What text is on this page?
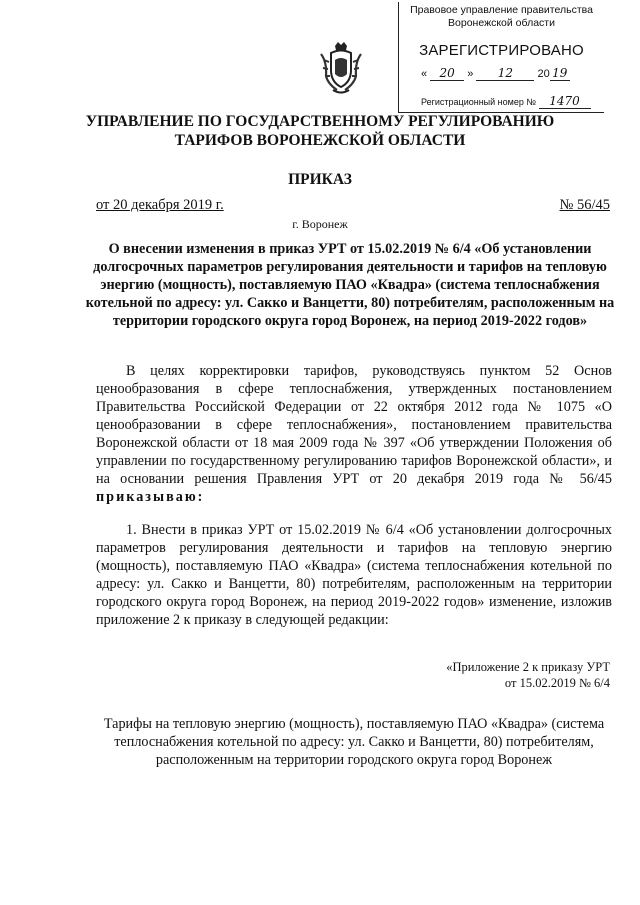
Правовое управление правительства
Воронежской области
ЗАРЕГИСТРИРОВАНО
« 20 » 12 20 19
Регистрационный номер № 1470
УПРАВЛЕНИЕ ПО ГОСУДАРСТВЕННОМУ РЕГУЛИРОВАНИЮ
ТАРИФОВ ВОРОНЕЖСКОЙ ОБЛАСТИ
ПРИКАЗ
от 20 декабря 2019 г.	№ 56/45
г. Воронеж
О внесении изменения в приказ УРТ от 15.02.2019 № 6/4 «Об установлении долгосрочных параметров регулирования деятельности и тарифов на тепловую энергию (мощность), поставляемую ПАО «Квадра» (система теплоснабжения котельной по адресу: ул. Сакко и Ванцетти, 80) потребителям, расположенным на территории городского округа город Воронеж, на период 2019-2022 годов»
В целях корректировки тарифов, руководствуясь пунктом 52 Основ ценообразования в сфере теплоснабжения, утвержденных постановлением Правительства Российской Федерации от 22 октября 2012 года № 1075 «О ценообразовании в сфере теплоснабжения», постановлением правительства Воронежской области от 18 мая 2009 года № 397 «Об утверждении Положения об управлении по государственному регулированию тарифов Воронежской области», и на основании решения Правления УРТ от 20 декабря 2019 года № 56/45 приказываю:
1. Внести в приказ УРТ от 15.02.2019 № 6/4 «Об установлении долгосрочных параметров регулирования деятельности и тарифов на тепловую энергию (мощность), поставляемую ПАО «Квадра» (система теплоснабжения котельной по адресу: ул. Сакко и Ванцетти, 80) потребителям, расположенным на территории городского округа город Воронеж, на период 2019-2022 годов» изменение, изложив приложение 2 к приказу в следующей редакции:
«Приложение 2 к приказу УРТ
от 15.02.2019 № 6/4
Тарифы на тепловую энергию (мощность), поставляемую ПАО «Квадра» (система теплоснабжения котельной по адресу: ул. Сакко и Ванцетти, 80) потребителям, расположенным на территории городского округа город Воронеж
